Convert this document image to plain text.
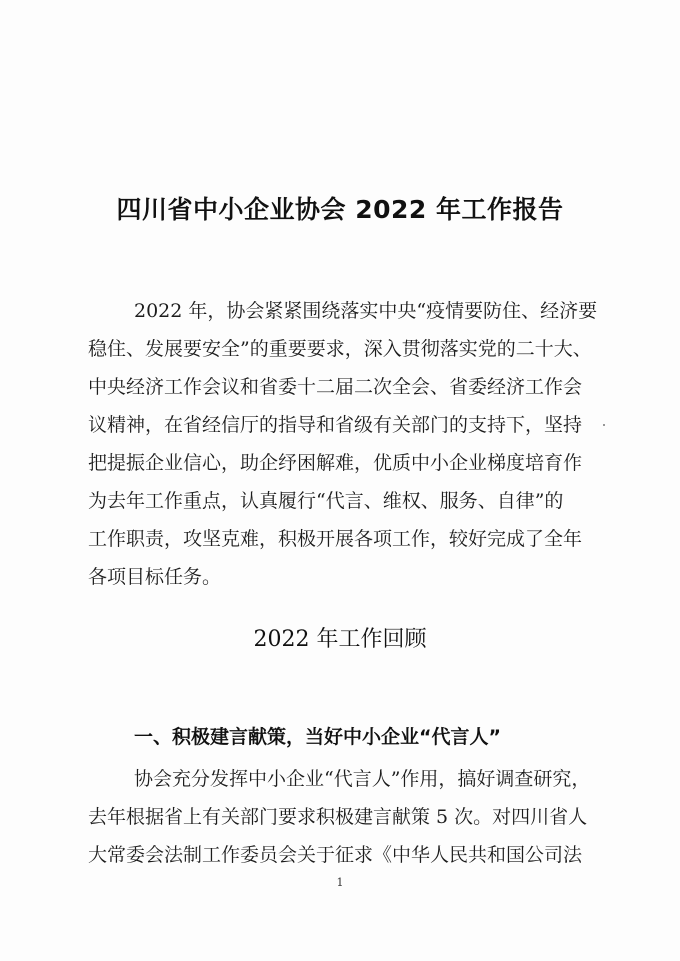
四川省中小企业协会 2022 年工作报告
2022 年，协会紧紧围绕落实中央“疫情要防住、经济要
稳住、发展要安全”的重要要求，深入贯彻落实党的二十大、
中央经济工作会议和省委十二届二次全会、省委经济工作会
议精神，在省经信厅的指导和省级有关部门的支持下，坚持
把提振企业信心，助企纾困解难，优质中小企业梯度培育作
为去年工作重点，认真履行“代言、维权、服务、自律”的
工作职责，攻坚克难，积极开展各项工作，较好完成了全年
各项目标任务。
2022 年工作回顾
一、积极建言献策，当好中小企业“代言人”
协会充分发挥中小企业“代言人”作用，搞好调查研究，
去年根据省上有关部门要求积极建言献策 5 次。对四川省人
大常委会法制工作委员会关于征求《中华人民共和国公司法
1
